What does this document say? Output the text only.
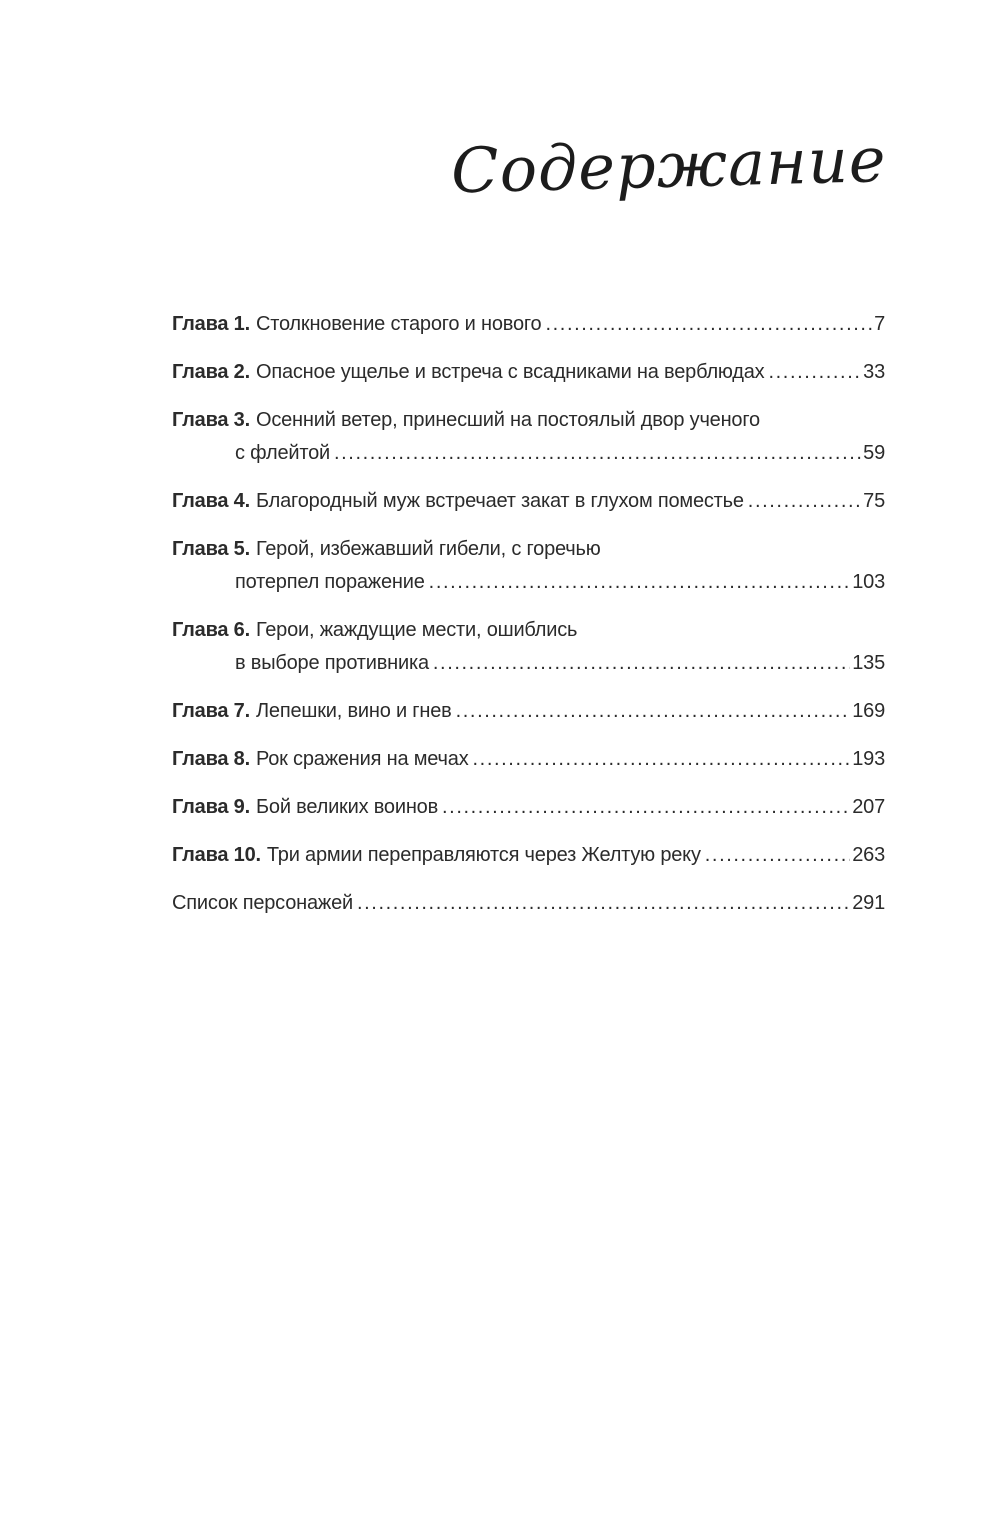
Содержание
Глава 1. Столкновение старого и нового .....	7
Глава 2. Опасное ущелье и встреча с всадниками на верблюдах .....	33
Глава 3. Осенний ветер, принесший на постоялый двор ученого
с флейтой .....	59
Глава 4. Благородный муж встречает закат в глухом поместье .....	75
Глава 5. Герой, избежавший гибели, с горечью
потерпел поражение .....	103
Глава 6. Герои, жаждущие мести, ошиблись
в выборе противника .....	135
Глава 7. Лепешки, вино и гнев .....	169
Глава 8. Рок сражения на мечах .....	193
Глава 9. Бой великих воинов .....	207
Глава 10. Три армии переправляются через Желтую реку .....	263
Список персонажей .....	291
